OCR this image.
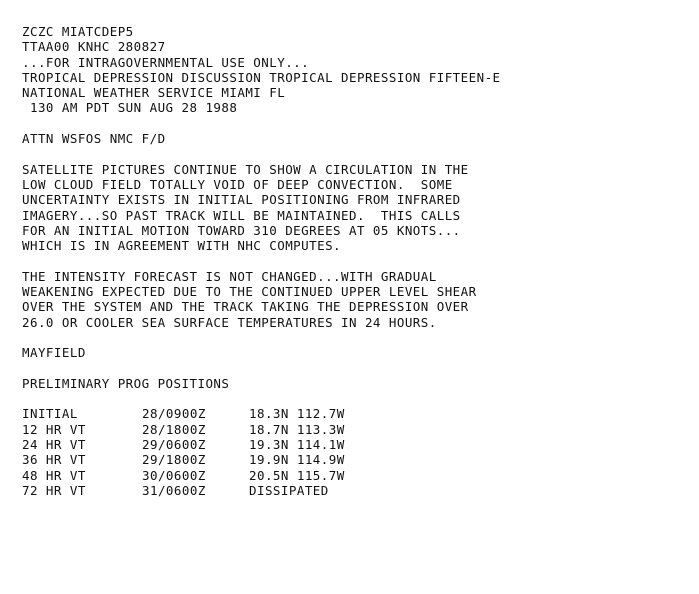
ZCZC MIATCDEP5
TTAA00 KNHC 280827
...FOR INTRAGOVERNMENTAL USE ONLY...
TROPICAL DEPRESSION DISCUSSION TROPICAL DEPRESSION FIFTEEN-E
NATIONAL WEATHER SERVICE MIAMI FL
130 AM PDT SUN AUG 28 1988
ATTN WSFOS NMC F/D
SATELLITE PICTURES CONTINUE TO SHOW A CIRCULATION IN THE
LOW CLOUD FIELD TOTALLY VOID OF DEEP CONVECTION.  SOME
UNCERTAINTY EXISTS IN INITIAL POSITIONING FROM INFRARED
IMAGERY...SO PAST TRACK WILL BE MAINTAINED.  THIS CALLS
FOR AN INITIAL MOTION TOWARD 310 DEGREES AT 05 KNOTS...
WHICH IS IN AGREEMENT WITH NHC COMPUTES.
THE INTENSITY FORECAST IS NOT CHANGED...WITH GRADUAL
WEAKENING EXPECTED DUE TO THE CONTINUED UPPER LEVEL SHEAR
OVER THE SYSTEM AND THE TRACK TAKING THE DEPRESSION OVER
26.0 OR COOLER SEA SURFACE TEMPERATURES IN 24 HOURS.
MAYFIELD
PRELIMINARY PROG POSITIONS
INITIAL	28/0900Z	18.3N 112.7W
12 HR VT	28/1800Z	18.7N 113.3W
24 HR VT	29/0600Z	19.3N 114.1W
36 HR VT	29/1800Z	19.9N 114.9W
48 HR VT	30/0600Z	20.5N 115.7W
72 HR VT	31/0600Z	DISSIPATED
